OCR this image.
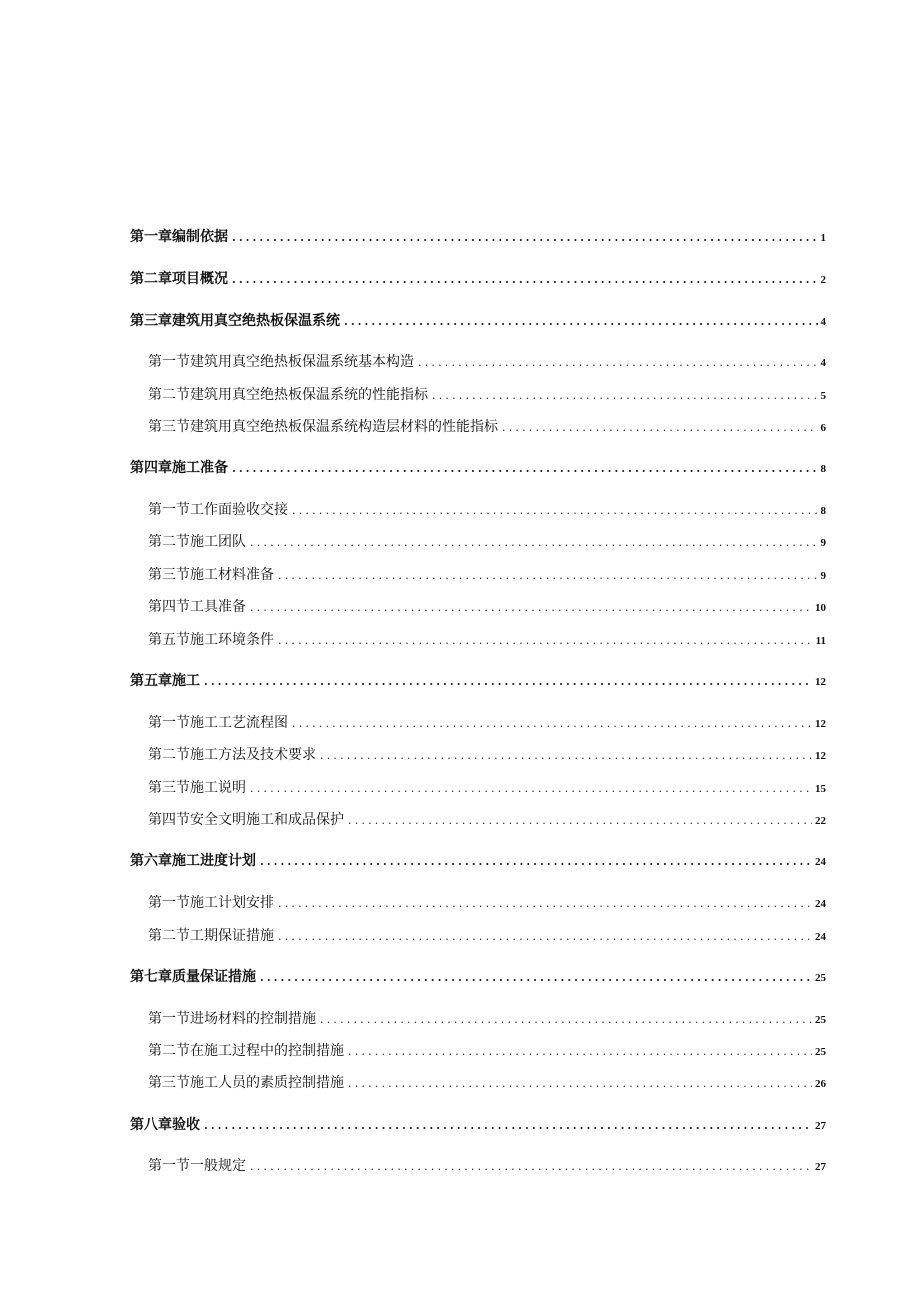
第一章编制依据 .....	1
第二章项目概况 .....	2
第三章建筑用真空绝热板保温系统 .....	4
第一节建筑用真空绝热板保温系统基本构造 .....	4
第二节建筑用真空绝热板保温系统的性能指标 .....	5
第三节建筑用真空绝热板保温系统构造层材料的性能指标 .....	6
第四章施工准备 .....	8
第一节工作面验收交接 .....	8
第二节施工团队 .....	9
第三节施工材料准备 .....	9
第四节工具准备 .....	10
第五节施工环境条件 .....	11
第五章施工 .....	12
第一节施工工艺流程图 .....	12
第二节施工方法及技术要求 .....	12
第三节施工说明 .....	15
第四节安全文明施工和成品保护 .....	22
第六章施工进度计划 .....	24
第一节施工计划安排 .....	24
第二节工期保证措施 .....	24
第七章质量保证措施 .....	25
第一节进场材料的控制措施 .....	25
第二节在施工过程中的控制措施 .....	25
第三节施工人员的素质控制措施 .....	26
第八章验收 .....	27
第一节一般规定 .....	27
